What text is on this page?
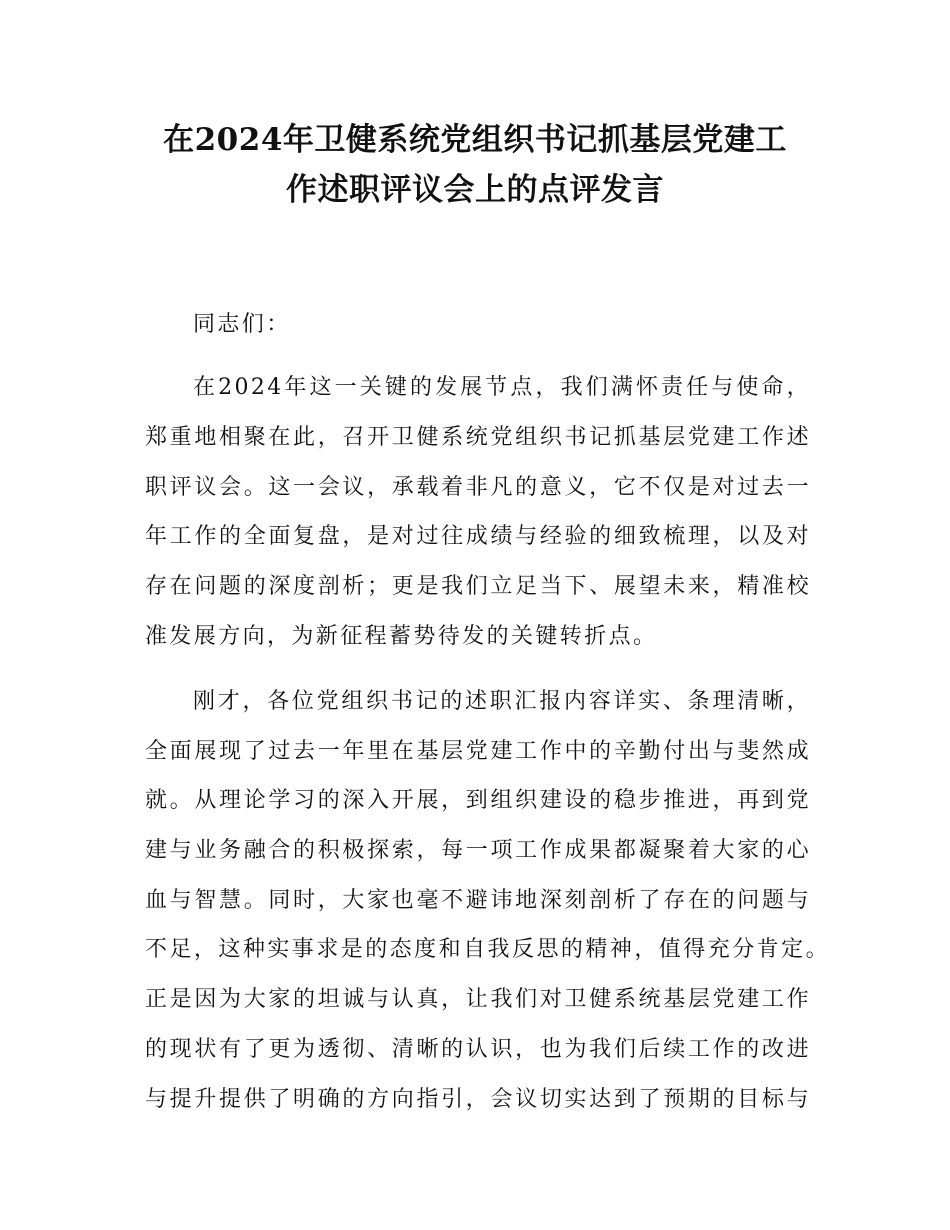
在2024年卫健系统党组织书记抓基层党建工
作述职评议会上的点评发言
同志们：
在2024年这一关键的发展节点，我们满怀责任与使命，
郑重地相聚在此，召开卫健系统党组织书记抓基层党建工作述
职评议会。这一会议，承载着非凡的意义，它不仅是对过去一
年工作的全面复盘，是对过往成绩与经验的细致梳理，以及对
存在问题的深度剖析；更是我们立足当下、展望未来，精准校
准发展方向，为新征程蓄势待发的关键转折点。
刚才，各位党组织书记的述职汇报内容详实、条理清晰，
全面展现了过去一年里在基层党建工作中的辛勤付出与斐然成
就。从理论学习的深入开展，到组织建设的稳步推进，再到党
建与业务融合的积极探索，每一项工作成果都凝聚着大家的心
血与智慧。同时，大家也毫不避讳地深刻剖析了存在的问题与
不足，这种实事求是的态度和自我反思的精神，值得充分肯定。
正是因为大家的坦诚与认真，让我们对卫健系统基层党建工作
的现状有了更为透彻、清晰的认识，也为我们后续工作的改进
与提升提供了明确的方向指引，会议切实达到了预期的目标与
